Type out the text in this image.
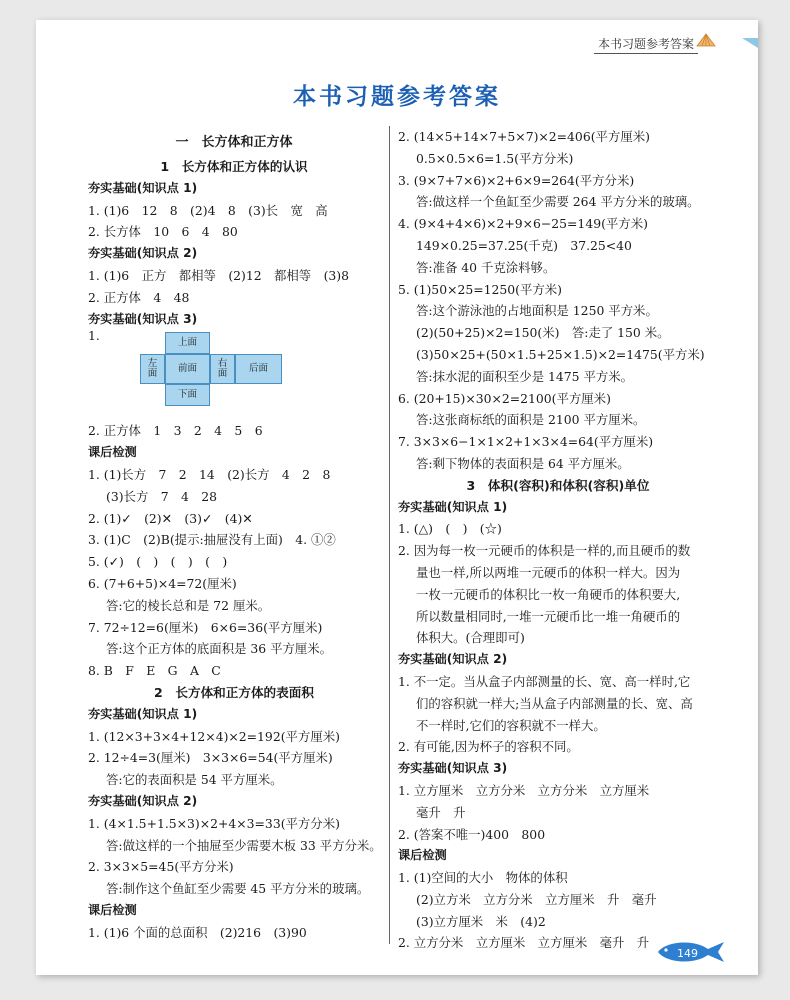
本书习题参考答案
本书习题参考答案
一　长方体和正方体
1　长方体和正方体的认识
夯实基础(知识点 1)
1. (1)6　12　8　(2)4　8　(3)长　宽　高
2. 长方体　10　6　4　80
夯实基础(知识点 2)
1. (1)6　正方　都相等　(2)12　都相等　(3)8
2. 正方体　4　48
夯实基础(知识点 3)
1.	上面
左面	前面	右面	后面
下面
2. 正方体　1　3　2　4　5　6
课后检测
1. (1)长方　7　2　14　(2)长方　4　2　8
(3)长方　7　4　28
2. (1)✓　(2)✕　(3)✓　(4)✕
3. (1)C　(2)B(提示:抽屉没有上面)　4. ①②
5. (✓)　(　)　(　)　(　)
6. (7+6+5)×4=72(厘米)
答:它的棱长总和是 72 厘米。
7. 72÷12=6(厘米)　6×6=36(平方厘米)
答:这个正方体的底面积是 36 平方厘米。
8. B　F　E　G　A　C
2　长方体和正方体的表面积
夯实基础(知识点 1)
1. (12×3+3×4+12×4)×2=192(平方厘米)
2. 12÷4=3(厘米)　3×3×6=54(平方厘米)
答:它的表面积是 54 平方厘米。
夯实基础(知识点 2)
1. (4×1.5+1.5×3)×2+4×3=33(平方分米)
答:做这样的一个抽屉至少需要木板 33 平方分米。
2. 3×3×5=45(平方分米)
答:制作这个鱼缸至少需要 45 平方分米的玻璃。
课后检测
1. (1)6 个面的总面积　(2)216　(3)90
2. (14×5+14×7+5×7)×2=406(平方厘米)
0.5×0.5×6=1.5(平方分米)
3. (9×7+7×6)×2+6×9=264(平方分米)
答:做这样一个鱼缸至少需要 264 平方分米的玻璃。
4. (9×4+4×6)×2+9×6−25=149(平方米)
149×0.25=37.25(千克)　37.25<40
答:准备 40 千克涂料够。
5. (1)50×25=1250(平方米)
答:这个游泳池的占地面积是 1250 平方米。
(2)(50+25)×2=150(米)　答:走了 150 米。
(3)50×25+(50×1.5+25×1.5)×2=1475(平方米)
答:抹水泥的面积至少是 1475 平方米。
6. (20+15)×30×2=2100(平方厘米)
答:这张商标纸的面积是 2100 平方厘米。
7. 3×3×6−1×1×2+1×3×4=64(平方厘米)
答:剩下物体的表面积是 64 平方厘米。
3　体积(容积)和体积(容积)单位
夯实基础(知识点 1)
1. (△)　(　)　(☆)
2. 因为每一枚一元硬币的体积是一样的,而且硬币的数
量也一样,所以两堆一元硬币的体积一样大。因为
一枚一元硬币的体积比一枚一角硬币的体积要大,
所以数量相同时,一堆一元硬币比一堆一角硬币的
体积大。(合理即可)
夯实基础(知识点 2)
1. 不一定。当从盒子内部测量的长、宽、高一样时,它
们的容积就一样大;当从盒子内部测量的长、宽、高
不一样时,它们的容积就不一样大。
2. 有可能,因为杯子的容积不同。
夯实基础(知识点 3)
1. 立方厘米　立方分米　立方分米　立方厘米
毫升　升
2. (答案不唯一)400　800
课后检测
1. (1)空间的大小　物体的体积
(2)立方米　立方分米　立方厘米　升　毫升
(3)立方厘米　米　(4)2
2. 立方分米　立方厘米　立方厘米　毫升　升
149
